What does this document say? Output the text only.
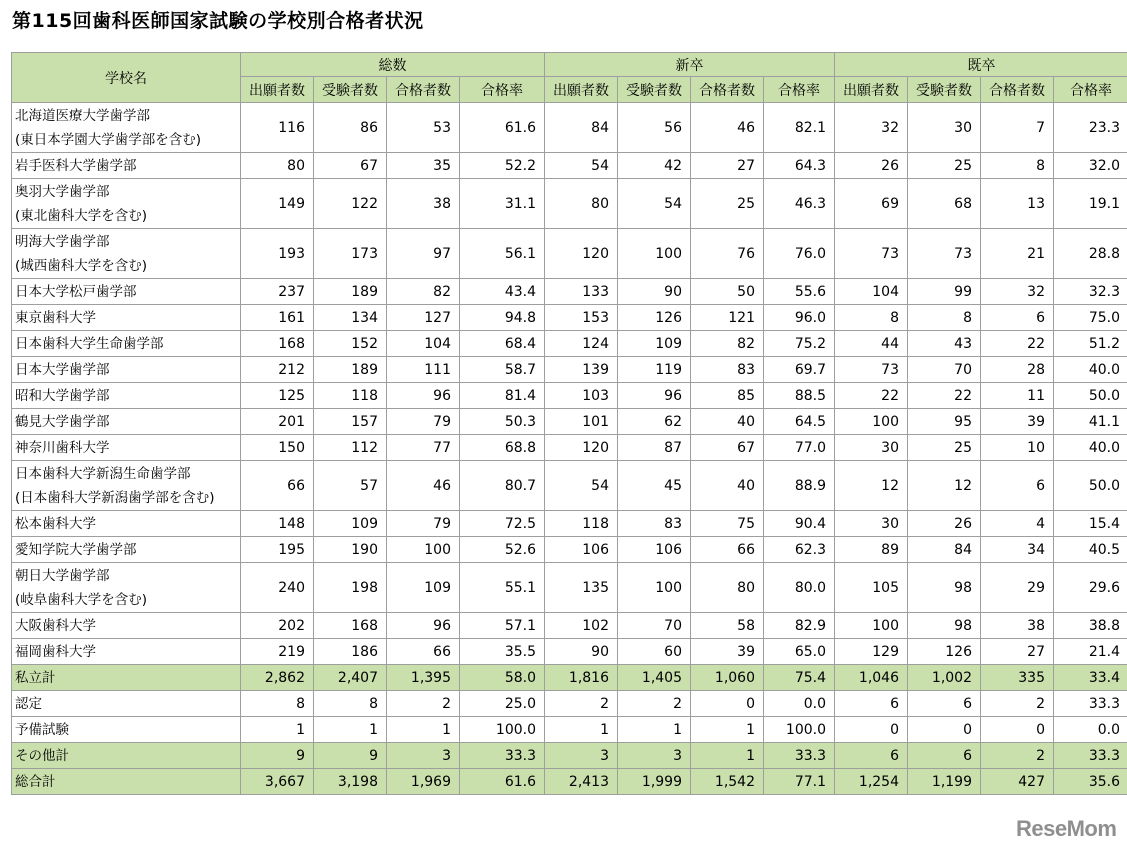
第115回歯科医師国家試験の学校別合格者状況
学校名	総数				新卒				既卒			
	出願者数	受験者数	合格者数	合格率	出願者数	受験者数	合格者数	合格率	出願者数	受験者数	合格者数	合格率

北海道医療大学歯学部
(東日本学園大学歯学部を含む)	116	86	53	61.6	84	56	46	82.1	32	30	7	23.3

岩手医科大学歯学部	80	67	35	52.2	54	42	27	64.3	26	25	8	32.0

奥羽大学歯学部
(東北歯科大学を含む)	149	122	38	31.1	80	54	25	46.3	69	68	13	19.1

明海大学歯学部
(城西歯科大学を含む)	193	173	97	56.1	120	100	76	76.0	73	73	21	28.8

日本大学松戸歯学部	237	189	82	43.4	133	90	50	55.6	104	99	32	32.3

東京歯科大学	161	134	127	94.8	153	126	121	96.0	8	8	6	75.0

日本歯科大学生命歯学部	168	152	104	68.4	124	109	82	75.2	44	43	22	51.2

日本大学歯学部	212	189	111	58.7	139	119	83	69.7	73	70	28	40.0

昭和大学歯学部	125	118	96	81.4	103	96	85	88.5	22	22	11	50.0

鶴見大学歯学部	201	157	79	50.3	101	62	40	64.5	100	95	39	41.1

神奈川歯科大学	150	112	77	68.8	120	87	67	77.0	30	25	10	40.0

日本歯科大学新潟生命歯学部
(日本歯科大学新潟歯学部を含む)	66	57	46	80.7	54	45	40	88.9	12	12	6	50.0

松本歯科大学	148	109	79	72.5	118	83	75	90.4	30	26	4	15.4

愛知学院大学歯学部	195	190	100	52.6	106	106	66	62.3	89	84	34	40.5

朝日大学歯学部
(岐阜歯科大学を含む)	240	198	109	55.1	135	100	80	80.0	105	98	29	29.6

大阪歯科大学	202	168	96	57.1	102	70	58	82.9	100	98	38	38.8

福岡歯科大学	219	186	66	35.5	90	60	39	65.0	129	126	27	21.4

私立計	2,862	2,407	1,395	58.0	1,816	1,405	1,060	75.4	1,046	1,002	335	33.4

認定	8	8	2	25.0	2	2	0	0.0	6	6	2	33.3

予備試験	1	1	1	100.0	1	1	1	100.0	0	0	0	0.0

その他計	9	9	3	33.3	3	3	1	33.3	6	6	2	33.3

総合計	3,667	3,198	1,969	61.6	2,413	1,999	1,542	77.1	1,254	1,199	427	35.6
ReseMom
